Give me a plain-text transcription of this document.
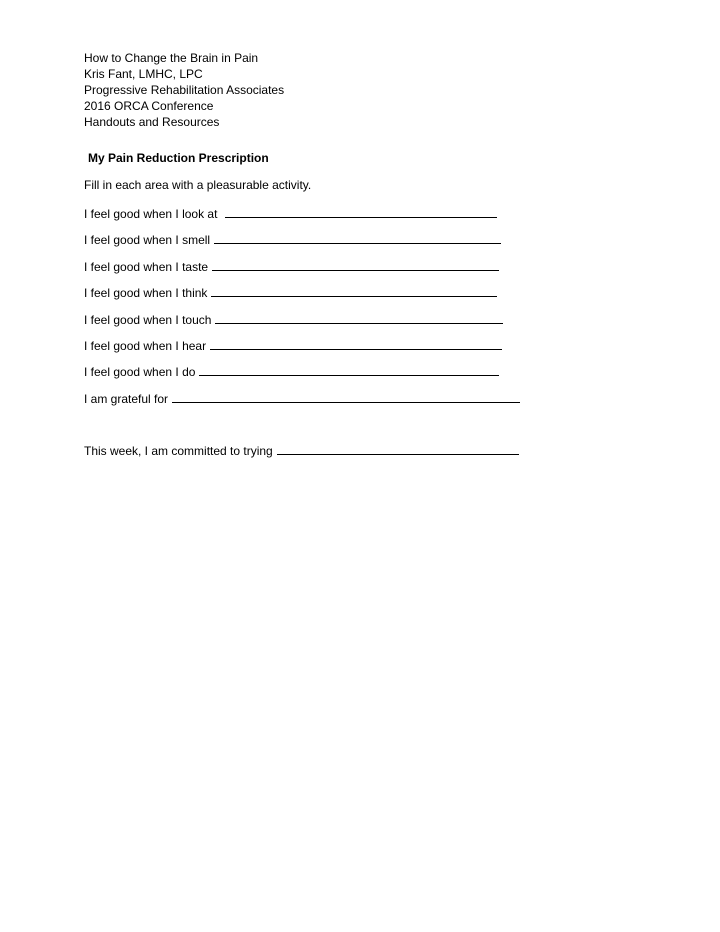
How to Change the Brain in Pain
Kris Fant, LMHC, LPC
Progressive Rehabilitation Associates
2016 ORCA Conference
Handouts and Resources
My Pain Reduction Prescription
Fill in each area with a pleasurable activity.
I feel good when I look at
I feel good when I smell
I feel good when I taste
I feel good when I think
I feel good when I touch
I feel good when I hear
I feel good when I do
I am grateful for
This week, I am committed to trying
